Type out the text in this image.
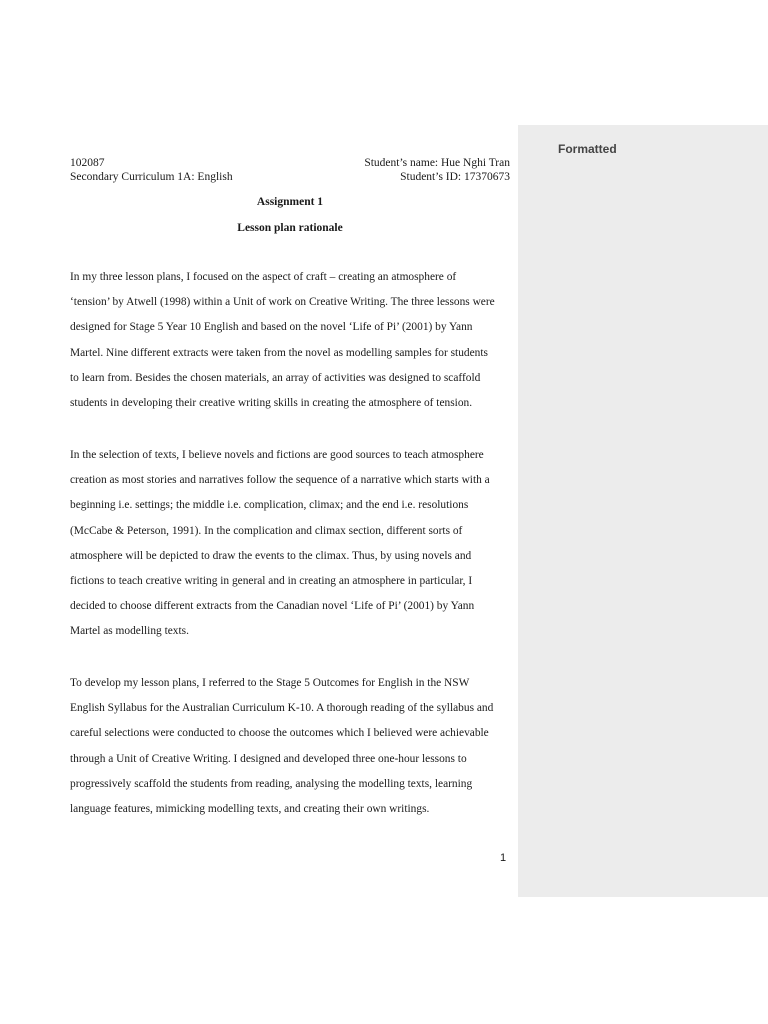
Formatted
102087
Secondary Curriculum 1A: English
Student’s name: Hue Nghi Tran
Student’s ID: 17370673
Assignment 1
Lesson plan rationale

In my three lesson plans, I focused on the aspect of craft – creating an atmosphere of
‘tension’ by Atwell (1998) within a Unit of work on Creative Writing. The three lessons were
designed for Stage 5 Year 10 English and based on the novel ‘Life of Pi’ (2001) by Yann
Martel. Nine different extracts were taken from the novel as modelling samples for students
to learn from. Besides the chosen materials, an array of activities was designed to scaffold
students in developing their creative writing skills in creating the atmosphere of tension.

In the selection of texts, I believe novels and fictions are good sources to teach atmosphere
creation as most stories and narratives follow the sequence of a narrative which starts with a
beginning i.e. settings; the middle i.e. complication, climax; and the end i.e. resolutions
(McCabe & Peterson, 1991). In the complication and climax section, different sorts of
atmosphere will be depicted to draw the events to the climax. Thus, by using novels and
fictions to teach creative writing in general and in creating an atmosphere in particular, I
decided to choose different extracts from the Canadian novel ‘Life of Pi’ (2001) by Yann
Martel as modelling texts.

To develop my lesson plans, I referred to the Stage 5 Outcomes for English in the NSW
English Syllabus for the Australian Curriculum K-10. A thorough reading of the syllabus and
careful selections were conducted to choose the outcomes which I believed were achievable
through a Unit of Creative Writing. I designed and developed three one-hour lessons to
progressively scaffold the students from reading, analysing the modelling texts, learning
language features, mimicking modelling texts, and creating their own writings.

1
